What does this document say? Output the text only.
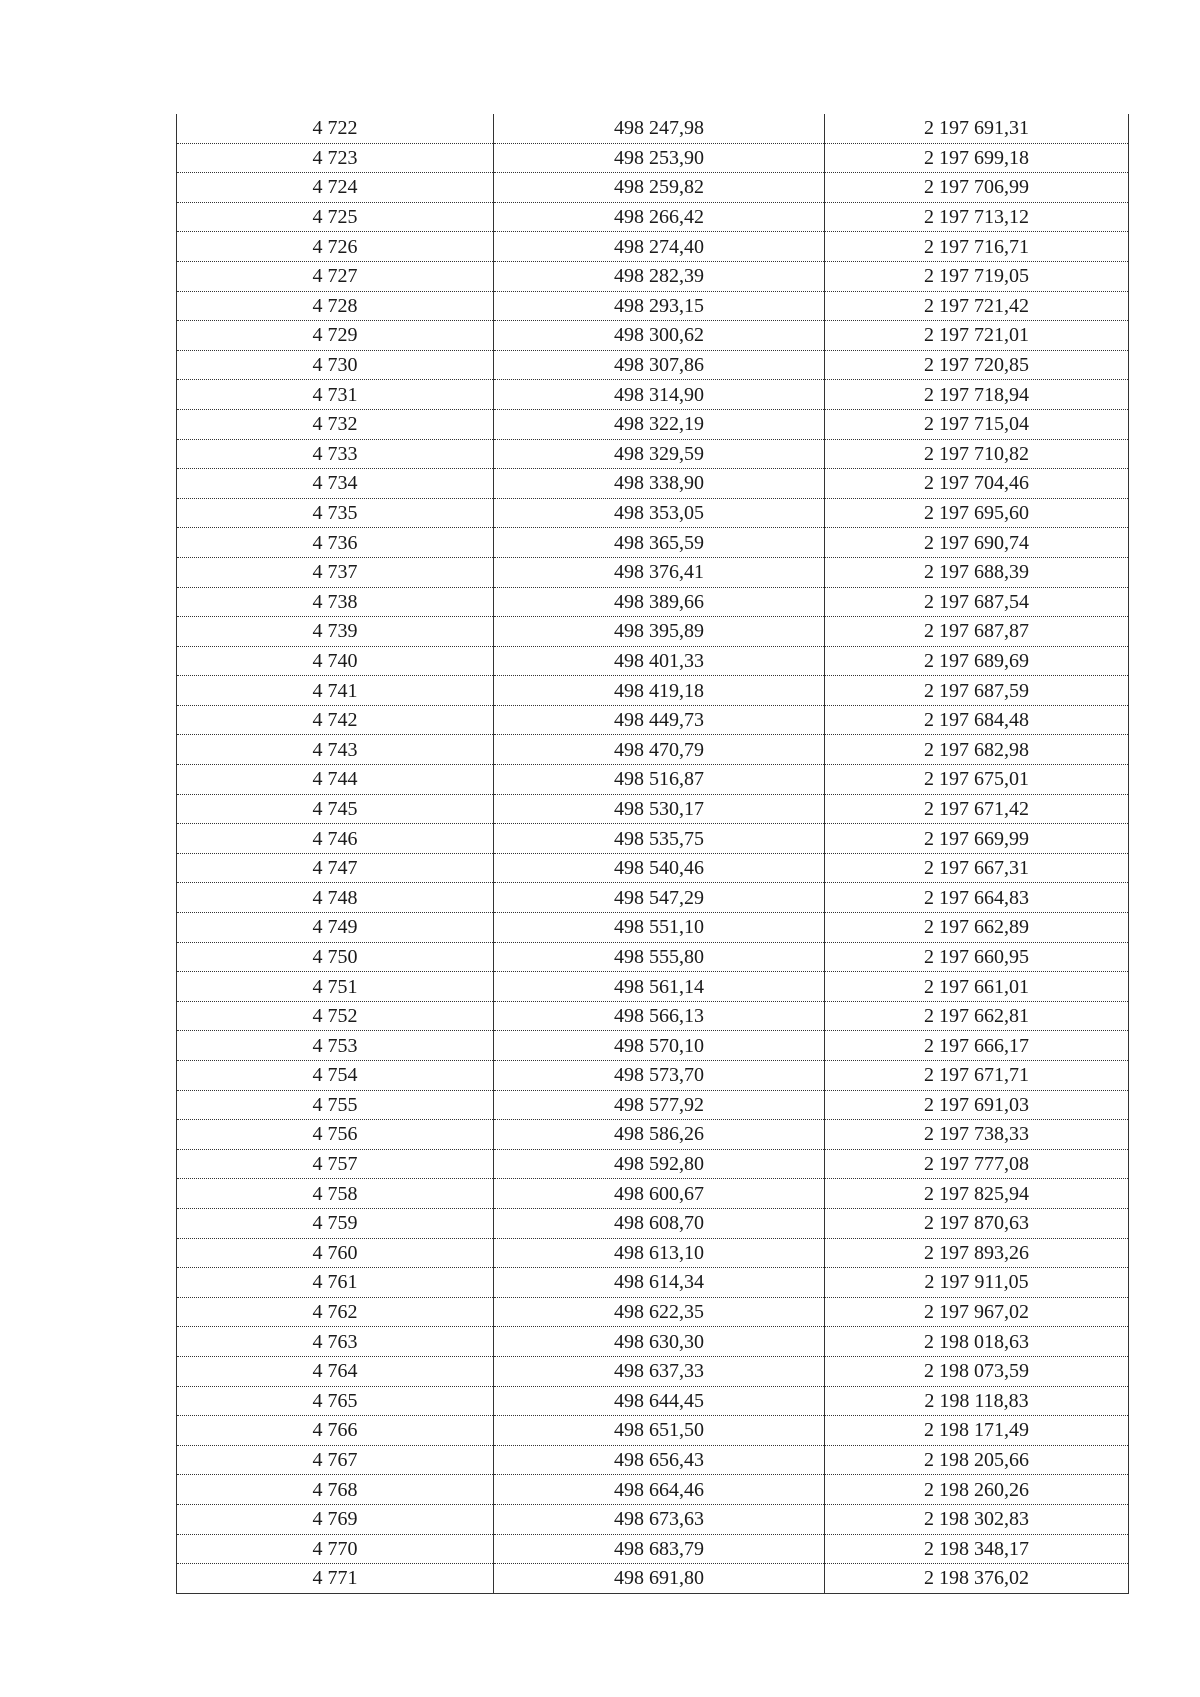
4 722	498 247,98	2 197 691,31
4 723	498 253,90	2 197 699,18
4 724	498 259,82	2 197 706,99
4 725	498 266,42	2 197 713,12
4 726	498 274,40	2 197 716,71
4 727	498 282,39	2 197 719,05
4 728	498 293,15	2 197 721,42
4 729	498 300,62	2 197 721,01
4 730	498 307,86	2 197 720,85
4 731	498 314,90	2 197 718,94
4 732	498 322,19	2 197 715,04
4 733	498 329,59	2 197 710,82
4 734	498 338,90	2 197 704,46
4 735	498 353,05	2 197 695,60
4 736	498 365,59	2 197 690,74
4 737	498 376,41	2 197 688,39
4 738	498 389,66	2 197 687,54
4 739	498 395,89	2 197 687,87
4 740	498 401,33	2 197 689,69
4 741	498 419,18	2 197 687,59
4 742	498 449,73	2 197 684,48
4 743	498 470,79	2 197 682,98
4 744	498 516,87	2 197 675,01
4 745	498 530,17	2 197 671,42
4 746	498 535,75	2 197 669,99
4 747	498 540,46	2 197 667,31
4 748	498 547,29	2 197 664,83
4 749	498 551,10	2 197 662,89
4 750	498 555,80	2 197 660,95
4 751	498 561,14	2 197 661,01
4 752	498 566,13	2 197 662,81
4 753	498 570,10	2 197 666,17
4 754	498 573,70	2 197 671,71
4 755	498 577,92	2 197 691,03
4 756	498 586,26	2 197 738,33
4 757	498 592,80	2 197 777,08
4 758	498 600,67	2 197 825,94
4 759	498 608,70	2 197 870,63
4 760	498 613,10	2 197 893,26
4 761	498 614,34	2 197 911,05
4 762	498 622,35	2 197 967,02
4 763	498 630,30	2 198 018,63
4 764	498 637,33	2 198 073,59
4 765	498 644,45	2 198 118,83
4 766	498 651,50	2 198 171,49
4 767	498 656,43	2 198 205,66
4 768	498 664,46	2 198 260,26
4 769	498 673,63	2 198 302,83
4 770	498 683,79	2 198 348,17
4 771	498 691,80	2 198 376,02
